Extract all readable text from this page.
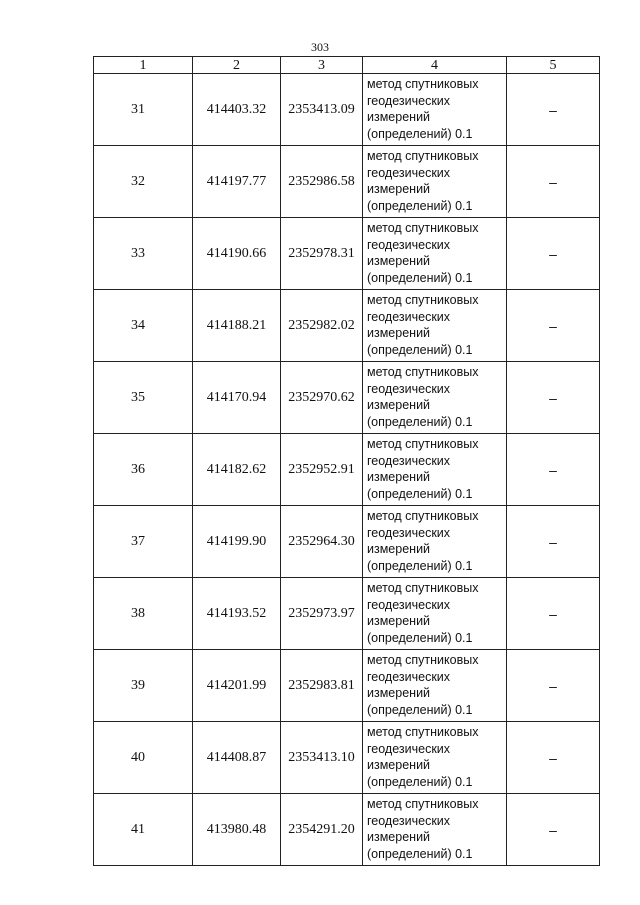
303
1	2	3	4	5
31	414403.32	2353413.09	метод спутниковых геодезических измерений (определений) 0.1	–
32	414197.77	2352986.58	метод спутниковых геодезических измерений (определений) 0.1	–
33	414190.66	2352978.31	метод спутниковых геодезических измерений (определений) 0.1	–
34	414188.21	2352982.02	метод спутниковых геодезических измерений (определений) 0.1	–
35	414170.94	2352970.62	метод спутниковых геодезических измерений (определений) 0.1	–
36	414182.62	2352952.91	метод спутниковых геодезических измерений (определений) 0.1	–
37	414199.90	2352964.30	метод спутниковых геодезических измерений (определений) 0.1	–
38	414193.52	2352973.97	метод спутниковых геодезических измерений (определений) 0.1	–
39	414201.99	2352983.81	метод спутниковых геодезических измерений (определений) 0.1	–
40	414408.87	2353413.10	метод спутниковых геодезических измерений (определений) 0.1	–
41	413980.48	2354291.20	метод спутниковых геодезических измерений (определений) 0.1	–
